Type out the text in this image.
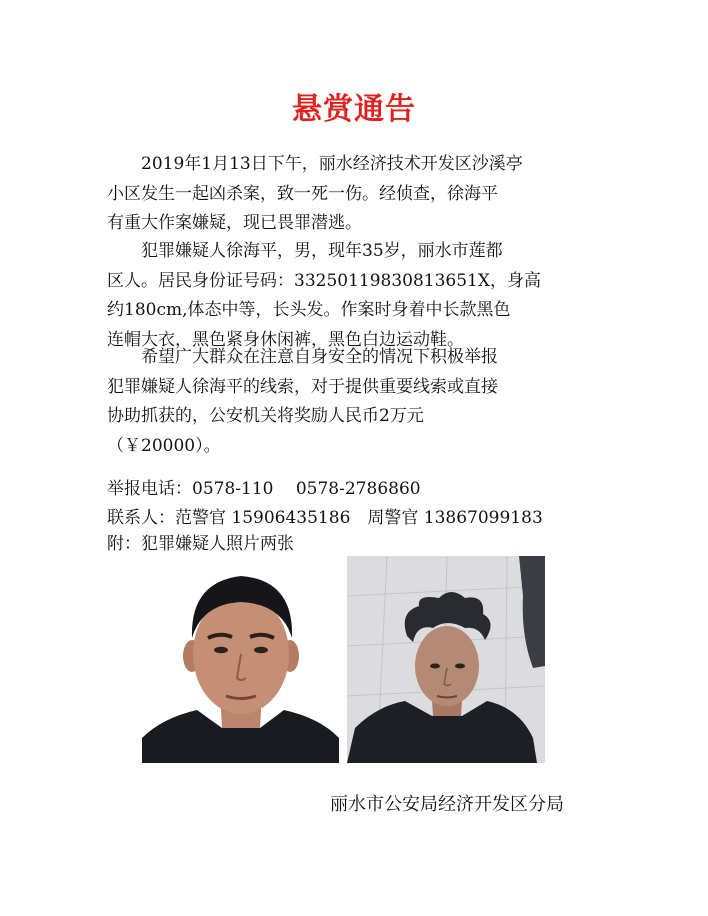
悬赏通告
　　2019年1月13日下午，丽水经济技术开发区沙溪亭
小区发生一起凶杀案，致一死一伤。经侦查，徐海平
有重大作案嫌疑，现已畏罪潜逃。
　　犯罪嫌疑人徐海平，男，现年35岁，丽水市莲都
区人。居民身份证号码：33250119830813651X，身高
约180cm,体态中等，长头发。作案时身着中长款黑色
连帽大衣，黑色紧身休闲裤，黑色白边运动鞋。
　　希望广大群众在注意自身安全的情况下积极举报
犯罪嫌疑人徐海平的线索，对于提供重要线索或直接
协助抓获的，公安机关将奖励人民币2万元
（￥20000）。
举报电话：0578-110　 0578-2786860
联系人：范警官 15906435186　周警官 13867099183
附：犯罪嫌疑人照片两张
丽水市公安局经济开发区分局
